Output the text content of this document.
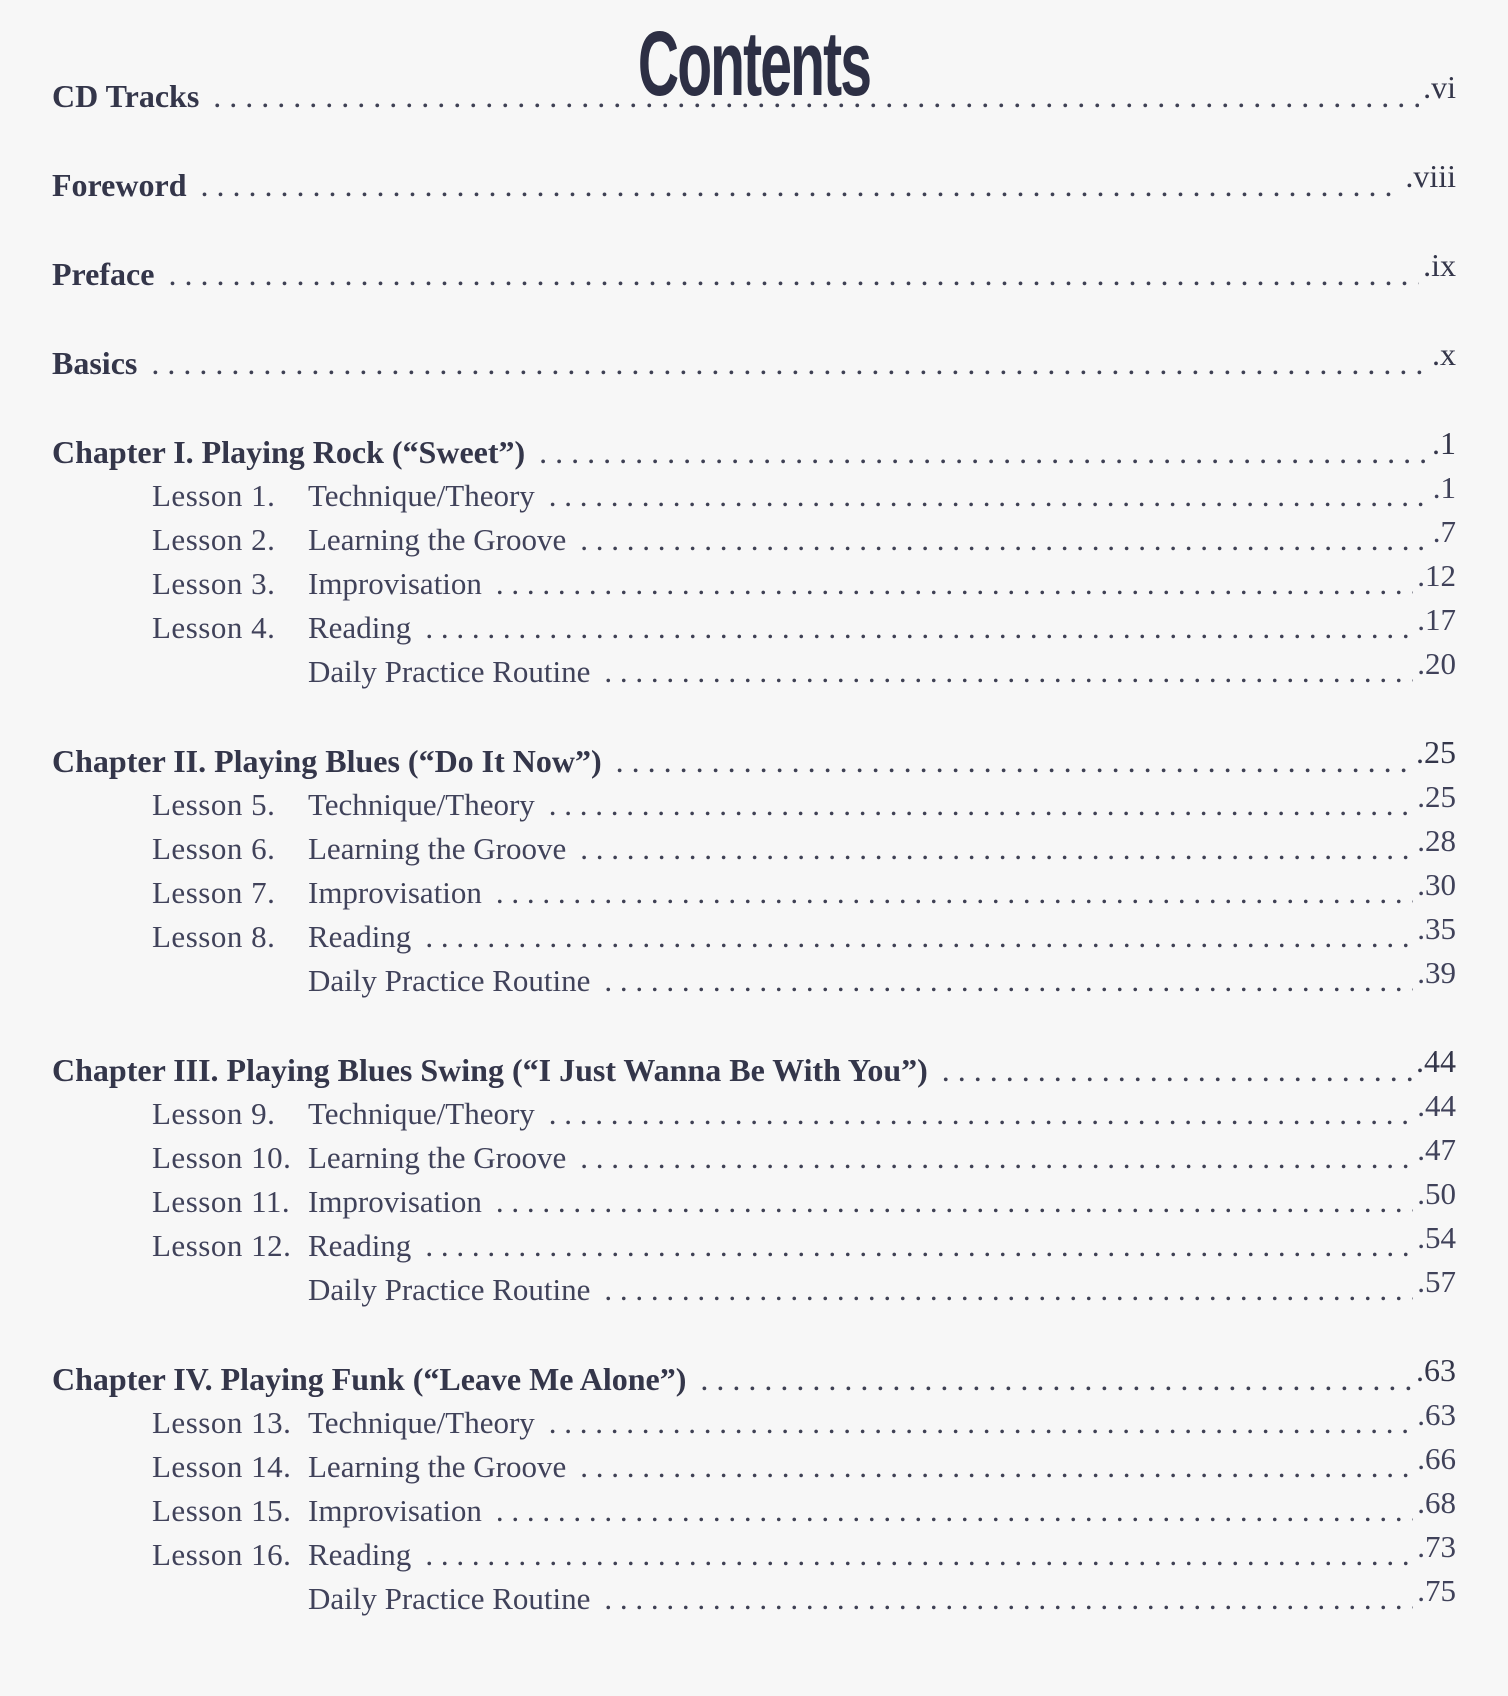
Contents
CD Tracks . . .	.vi
Foreword . . .	.viii
Preface . . .	.ix
Basics . . .	.x
Chapter I. Playing Rock (“Sweet”) . . .	.1
Lesson 1.	Technique/Theory . . .	.1
Lesson 2.	Learning the Groove . . .	.7
Lesson 3.	Improvisation . . .	.12
Lesson 4.	Reading . . .	.17
Daily Practice Routine . . .	.20
Chapter II. Playing Blues (“Do It Now”) . . .	.25
Lesson 5.	Technique/Theory . . .	.25
Lesson 6.	Learning the Groove . . .	.28
Lesson 7.	Improvisation . . .	.30
Lesson 8.	Reading . . .	.35
Daily Practice Routine . . .	.39
Chapter III. Playing Blues Swing (“I Just Wanna Be With You”) . . .	.44
Lesson 9.	Technique/Theory . . .	.44
Lesson 10. Learning the Groove . . .	.47
Lesson 11. Improvisation . . .	.50
Lesson 12. Reading . . .	.54
Daily Practice Routine . . .	.57
Chapter IV. Playing Funk (“Leave Me Alone”) . . .	.63
Lesson 13. Technique/Theory . . .	.63
Lesson 14. Learning the Groove . . .	.66
Lesson 15. Improvisation . . .	.68
Lesson 16. Reading . . .	.73
Daily Practice Routine . . .	.75
